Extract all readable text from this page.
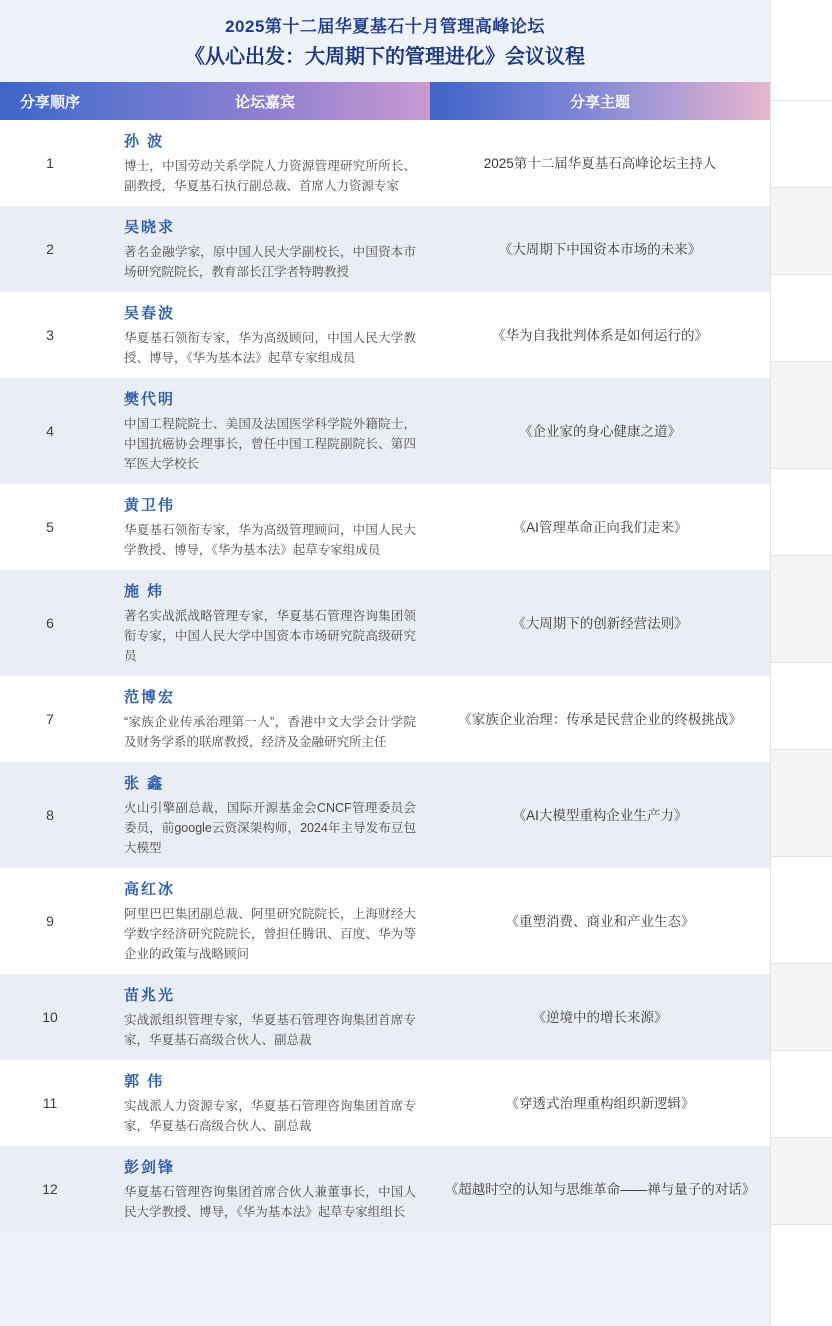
2025第十二届华夏基石十月管理高峰论坛
《从心出发：大周期下的管理进化》会议议程
分享顺序	论坛嘉宾	分享主题
1	孙 波
博士，中国劳动关系学院人力资源管理研究所所长、副教授，华夏基石执行副总裁、首席人力资源专家	2025第十二届华夏基石高峰论坛主持人
2	吴晓求
著名金融学家，原中国人民大学副校长，中国资本市场研究院院长，教育部长江学者特聘教授	《大周期下中国资本市场的未来》
3	吴春波
华夏基石领衔专家，华为高级顾问，中国人民大学教授、博导，《华为基本法》起草专家组成员	《华为自我批判体系是如何运行的》
4	樊代明
中国工程院院士、美国及法国医学科学院外籍院士，中国抗癌协会理事长，曾任中国工程院副院长、第四军医大学校长	《企业家的身心健康之道》
5	黄卫伟
华夏基石领衔专家，华为高级管理顾问，中国人民大学教授、博导，《华为基本法》起草专家组成员	《AI管理革命正向我们走来》
6	施 炜
著名实战派战略管理专家，华夏基石管理咨询集团领衔专家，中国人民大学中国资本市场研究院高级研究员	《大周期下的创新经营法则》
7	范博宏
“家族企业传承治理第一人”，香港中文大学会计学院及财务学系的联席教授，经济及金融研究所主任	《家族企业治理：传承是民营企业的终极挑战》
8	张 鑫
火山引擎副总裁，国际开源基金会CNCF管理委员会委员，前google云资深架构师，2024年主导发布豆包大模型	《AI大模型重构企业生产力》
9	高红冰
阿里巴巴集团副总裁、阿里研究院院长，上海财经大学数字经济研究院院长，曾担任腾讯、百度、华为等企业的政策与战略顾问	《重塑消费、商业和产业生态》
10	苗兆光
实战派组织管理专家，华夏基石管理咨询集团首席专家，华夏基石高级合伙人、副总裁	《逆境中的增长来源》
11	郭 伟
实战派人力资源专家，华夏基石管理咨询集团首席专家，华夏基石高级合伙人、副总裁	《穿透式治理重构组织新逻辑》
12	彭剑锋
华夏基石管理咨询集团首席合伙人兼董事长，中国人民大学教授、博导，《华为基本法》起草专家组组长	《超越时空的认知与思维革命——禅与量子的对话》
